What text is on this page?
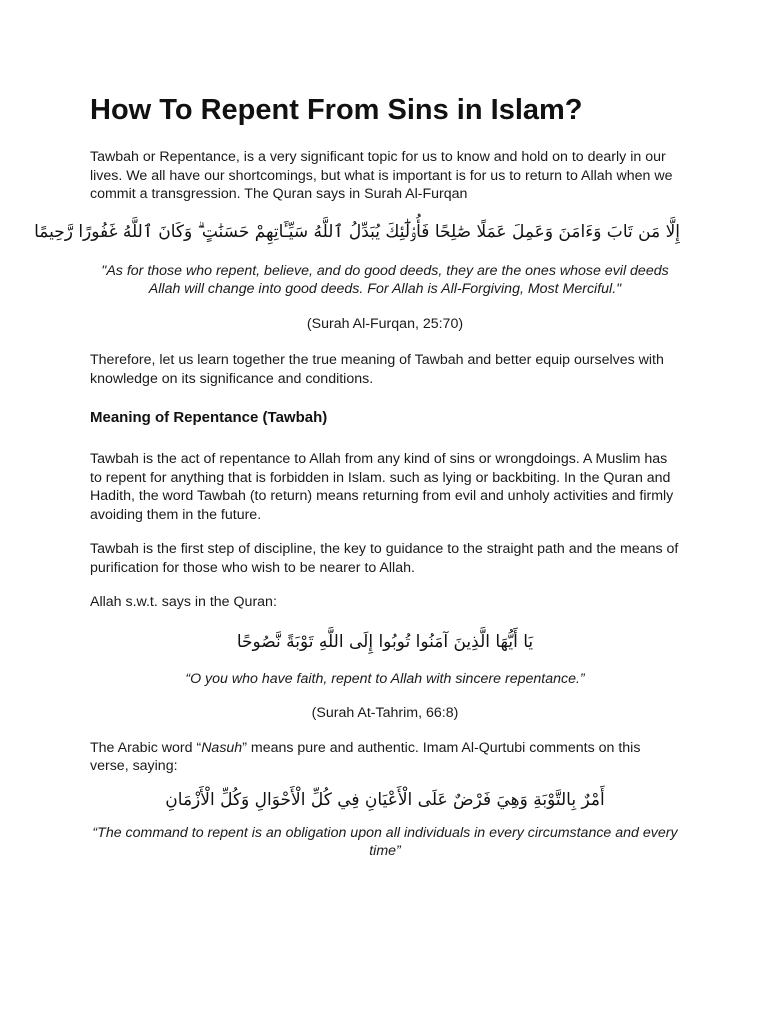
How To Repent From Sins in Islam?

Tawbah or Repentance, is a very significant topic for us to know and hold on to dearly in our lives. We all have our shortcomings, but what is important is for us to return to Allah when we commit a transgression. The Quran says in Surah Al-Furqan

إِلَّا مَن تَابَ وَءَامَنَ وَعَمِلَ عَمَلًا صَٰلِحًا فَأُو۟لَٰٓئِكَ يُبَدِّلُ ٱللَّهُ سَيِّـَٔاتِهِمْ حَسَنَٰتٍ ۗ وَكَانَ ٱللَّهُ غَفُورًا رَّحِيمًا

"As for those who repent, believe, and do good deeds, they are the ones whose evil deeds Allah will change into good deeds. For Allah is All-Forgiving, Most Merciful."

(Surah Al-Furqan, 25:70)

Therefore, let us learn together the true meaning of Tawbah and better equip ourselves with knowledge on its significance and conditions.

Meaning of Repentance (Tawbah)

Tawbah is the act of repentance to Allah from any kind of sins or wrongdoings. A Muslim has to repent for anything that is forbidden in Islam. such as lying or backbiting. In the Quran and Hadith, the word Tawbah (to return) means returning from evil and unholy activities and firmly avoiding them in the future.

Tawbah is the first step of discipline, the key to guidance to the straight path and the means of purification for those who wish to be nearer to Allah.

Allah s.w.t. says in the Quran:

يَا أَيُّهَا الَّذِينَ آمَنُوا تُوبُوا إِلَى اللَّهِ تَوْبَةً نَّصُوحًا

“O you who have faith, repent to Allah with sincere repentance.”

(Surah At-Tahrim, 66:8)

The Arabic word “Nasuh” means pure and authentic. Imam Al-Qurtubi comments on this verse, saying:

أَمْرٌ بِالتَّوْبَةِ وَهِيَ فَرْضٌ عَلَى الْأَعْيَانِ فِي كُلِّ الْأَحْوَالِ وَكُلِّ الْأَزْمَانِ

“The command to repent is an obligation upon all individuals in every circumstance and every time”
